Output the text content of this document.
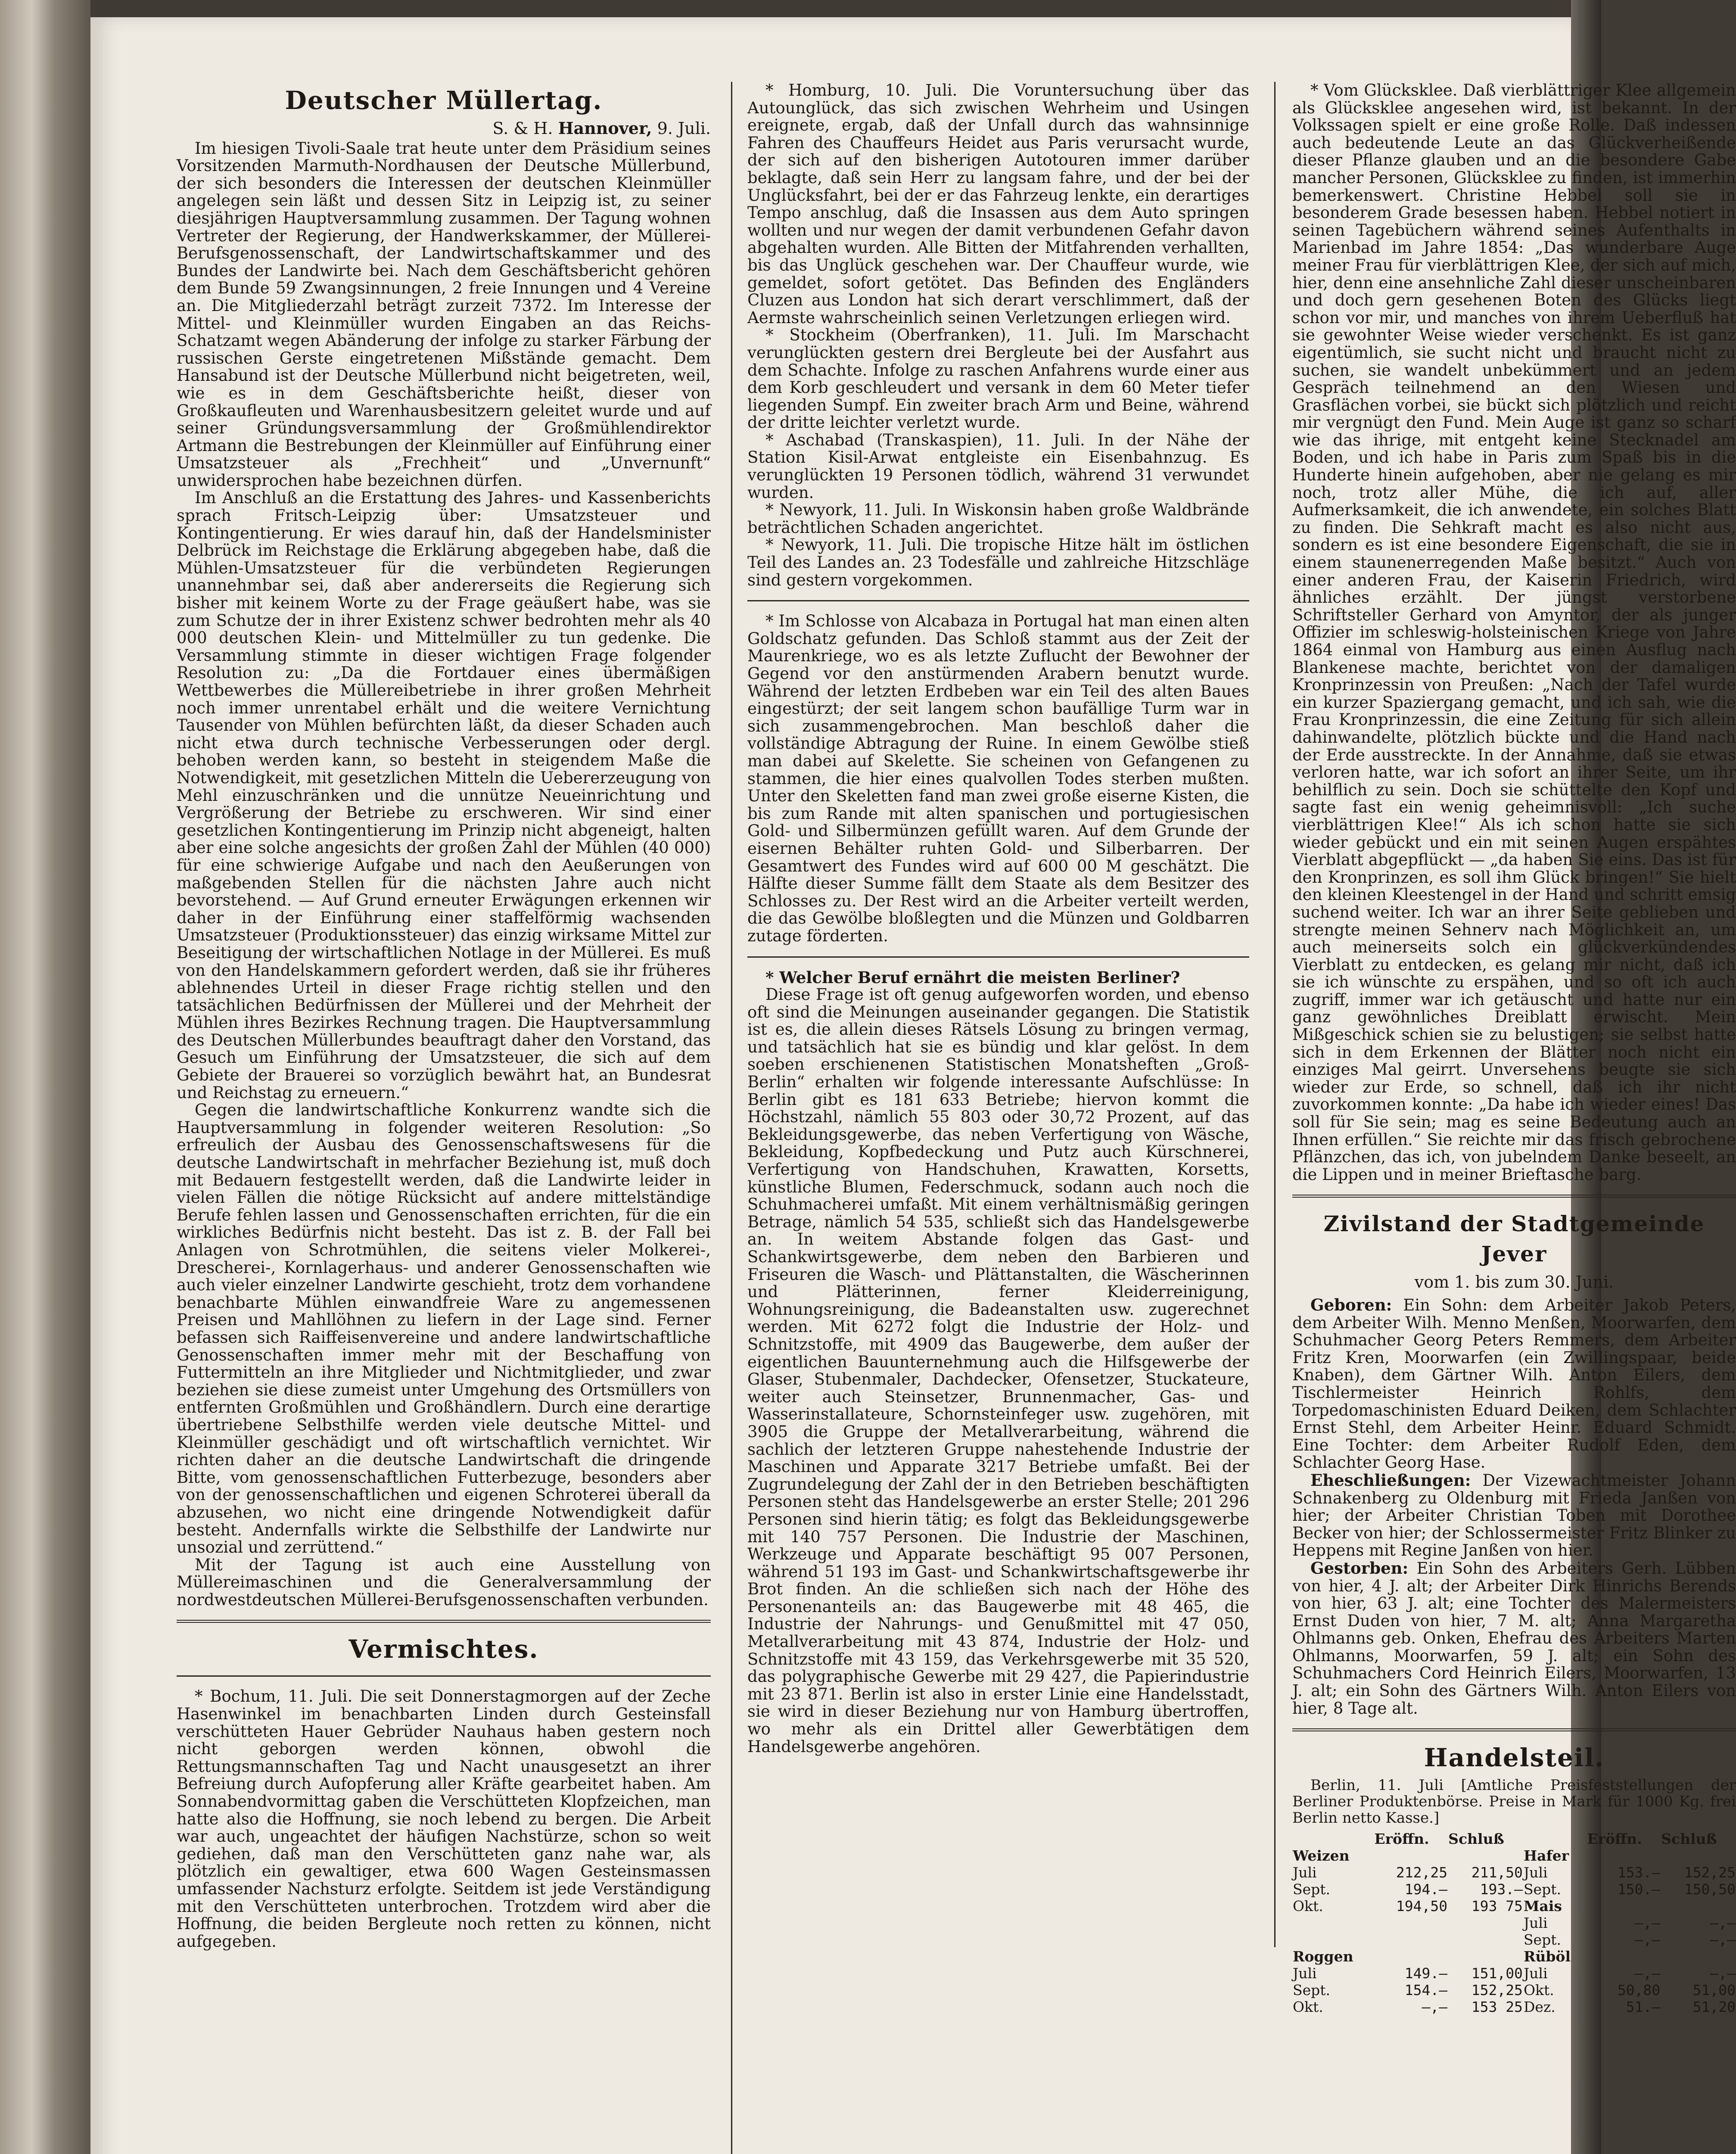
Deutscher Müllertag.
S. & H. Hannover, 9. Juli.

Im hiesigen Tivoli-Saale trat heute unter dem Präsidium seines Vorsitzenden Marmuth-Nordhausen der Deutsche Müllerbund, der sich besonders die Interessen der deutschen Kleinmüller angelegen sein läßt und dessen Sitz in Leipzig ist, zu seiner diesjährigen Hauptversammlung zusammen. Der Tagung wohnen Vertreter der Regierung, der Handwerkskammer, der Müllerei-Berufsgenossenschaft, der Landwirtschaftskammer und des Bundes der Landwirte bei. Nach dem Geschäftsbericht gehören dem Bunde 59 Zwangsinnungen, 2 freie Innungen und 4 Vereine an. Die Mitgliederzahl beträgt zurzeit 7372. Im Interesse der Mittel- und Kleinmüller wurden Eingaben an das Reichs-Schatzamt wegen Abänderung der infolge zu starker Färbung der russischen Gerste eingetretenen Mißstände gemacht. Dem Hansabund ist der Deutsche Müllerbund nicht beigetreten, weil, wie es in dem Geschäftsberichte heißt, dieser von Großkaufleuten und Warenhausbesitzern geleitet wurde und auf seiner Gründungsversammlung der Großmühlendirektor Artmann die Bestrebungen der Kleinmüller auf Einführung einer Umsatzsteuer als „Frechheit“ und „Unvernunft“ unwidersprochen habe bezeichnen dürfen.

Im Anschluß an die Erstattung des Jahres- und Kassenberichts sprach Fritsch-Leipzig über: Umsatzsteuer und Kontingentierung. Er wies darauf hin, daß der Handelsminister Delbrück im Reichstage die Erklärung abgegeben habe, daß die Mühlen-Umsatzsteuer für die verbündeten Regierungen unannehmbar sei, daß aber andererseits die Regierung sich bisher mit keinem Worte zu der Frage geäußert habe, was sie zum Schutze der in ihrer Existenz schwer bedrohten mehr als 40 000 deutschen Klein- und Mittelmüller zu tun gedenke. Die Versammlung stimmte in dieser wichtigen Frage folgender Resolution zu: „Da die Fortdauer eines übermäßigen Wettbewerbes die Müllereibetriebe in ihrer großen Mehrheit noch immer unrentabel erhält und die weitere Vernichtung Tausender von Mühlen befürchten läßt, da dieser Schaden auch nicht etwa durch technische Verbesserungen oder dergl. behoben werden kann, so besteht in steigendem Maße die Notwendigkeit, mit gesetzlichen Mitteln die Uebererzeugung von Mehl einzuschränken und die unnütze Neueinrichtung und Vergrößerung der Betriebe zu erschweren. Wir sind einer gesetzlichen Kontingentierung im Prinzip nicht abgeneigt, halten aber eine solche angesichts der großen Zahl der Mühlen (40 000) für eine schwierige Aufgabe und nach den Aeußerungen von maßgebenden Stellen für die nächsten Jahre auch nicht bevorstehend. — Auf Grund erneuter Erwägungen erkennen wir daher in der Einführung einer staffelförmig wachsenden Umsatzsteuer (Produktionssteuer) das einzig wirksame Mittel zur Beseitigung der wirtschaftlichen Notlage in der Müllerei. Es muß von den Handelskammern gefordert werden, daß sie ihr früheres ablehnendes Urteil in dieser Frage richtig stellen und den tatsächlichen Bedürfnissen der Müllerei und der Mehrheit der Mühlen ihres Bezirkes Rechnung tragen. Die Hauptversammlung des Deutschen Müllerbundes beauftragt daher den Vorstand, das Gesuch um Einführung der Umsatzsteuer, die sich auf dem Gebiete der Brauerei so vorzüglich bewährt hat, an Bundesrat und Reichstag zu erneuern.“

Gegen die landwirtschaftliche Konkurrenz wandte sich die Hauptversammlung in folgender weiteren Resolution: „So erfreulich der Ausbau des Genossenschaftswesens für die deutsche Landwirtschaft in mehrfacher Beziehung ist, muß doch mit Bedauern festgestellt werden, daß die Landwirte leider in vielen Fällen die nötige Rücksicht auf andere mittelständige Berufe fehlen lassen und Genossenschaften errichten, für die ein wirkliches Bedürfnis nicht besteht. Das ist z. B. der Fall bei Anlagen von Schrotmühlen, die seitens vieler Molkerei-, Drescherei-, Kornlagerhaus- und anderer Genossenschaften wie auch vieler einzelner Landwirte geschieht, trotz dem vorhandene benachbarte Mühlen einwandfreie Ware zu angemessenen Preisen und Mahllöhnen zu liefern in der Lage sind. Ferner befassen sich Raiffeisenvereine und andere landwirtschaftliche Genossenschaften immer mehr mit der Beschaffung von Futtermitteln an ihre Mitglieder und Nichtmitglieder, und zwar beziehen sie diese zumeist unter Umgehung des Ortsmüllers von entfernten Großmühlen und Großhändlern. Durch eine derartige übertriebene Selbsthilfe werden viele deutsche Mittel- und Kleinmüller geschädigt und oft wirtschaftlich vernichtet. Wir richten daher an die deutsche Landwirtschaft die dringende Bitte, vom genossenschaftlichen Futterbezuge, besonders aber von der genossenschaftlichen und eigenen Schroterei überall da abzusehen, wo nicht eine dringende Notwendigkeit dafür besteht. Andernfalls wirkte die Selbsthilfe der Landwirte nur unsozial und zerrüttend.“

Mit der Tagung ist auch eine Ausstellung von Müllereimaschinen und die Generalversammlung der nordwestdeutschen Müllerei-Berufsgenossenschaften verbunden.

Vermischtes.

* Bochum, 11. Juli. Die seit Donnerstagmorgen auf der Zeche Hasenwinkel im benachbarten Linden durch Gesteinsfall verschütteten Hauer Gebrüder Nauhaus haben gestern noch nicht geborgen werden können, obwohl die Rettungsmannschaften Tag und Nacht unausgesetzt an ihrer Befreiung durch Aufopferung aller Kräfte gearbeitet haben. Am Sonnabendvormittag gaben die Verschütteten Klopfzeichen, man hatte also die Hoffnung, sie noch lebend zu bergen. Die Arbeit war auch, ungeachtet der häufigen Nachstürze, schon so weit gediehen, daß man den Verschütteten ganz nahe war, als plötzlich ein gewaltiger, etwa 600 Wagen Gesteinsmassen umfassender Nachsturz erfolgte. Seitdem ist jede Verständigung mit den Verschütteten unterbrochen. Trotzdem wird aber die Hoffnung, die beiden Bergleute noch retten zu können, nicht aufgegeben.

* Homburg, 10. Juli. Die Voruntersuchung über das Autounglück, das sich zwischen Wehrheim und Usingen ereignete, ergab, daß der Unfall durch das wahnsinnige Fahren des Chauffeurs Heidet aus Paris verursacht wurde, der sich auf den bisherigen Autotouren immer darüber beklagte, daß sein Herr zu langsam fahre, und der bei der Unglücksfahrt, bei der er das Fahrzeug lenkte, ein derartiges Tempo anschlug, daß die Insassen aus dem Auto springen wollten und nur wegen der damit verbundenen Gefahr davon abgehalten wurden. Alle Bitten der Mitfahrenden verhallten, bis das Unglück geschehen war. Der Chauffeur wurde, wie gemeldet, sofort getötet. Das Befinden des Engländers Cluzen aus London hat sich derart verschlimmert, daß der Aermste wahrscheinlich seinen Verletzungen erliegen wird.

* Stockheim (Oberfranken), 11. Juli. Im Marschacht verunglückten gestern drei Bergleute bei der Ausfahrt aus dem Schachte. Infolge zu raschen Anfahrens wurde einer aus dem Korb geschleudert und versank in dem 60 Meter tiefer liegenden Sumpf. Ein zweiter brach Arm und Beine, während der dritte leichter verletzt wurde.

* Aschabad (Transkaspien), 11. Juli. In der Nähe der Station Kisil-Arwat entgleiste ein Eisenbahnzug. Es verunglückten 19 Personen tödlich, während 31 verwundet wurden.

* Newyork, 11. Juli. In Wiskonsin haben große Waldbrände beträchtlichen Schaden angerichtet.

* Newyork, 11. Juli. Die tropische Hitze hält im östlichen Teil des Landes an. 23 Todesfälle und zahlreiche Hitzschläge sind gestern vorgekommen.

* Im Schlosse von Alcabaza in Portugal hat man einen alten Goldschatz gefunden. Das Schloß stammt aus der Zeit der Maurenkriege, wo es als letzte Zuflucht der Bewohner der Gegend vor den anstürmenden Arabern benutzt wurde. Während der letzten Erdbeben war ein Teil des alten Baues eingestürzt; der seit langem schon baufällige Turm war in sich zusammengebrochen. Man beschloß daher die vollständige Abtragung der Ruine. In einem Gewölbe stieß man dabei auf Skelette. Sie scheinen von Gefangenen zu stammen, die hier eines qualvollen Todes sterben mußten. Unter den Skeletten fand man zwei große eiserne Kisten, die bis zum Rande mit alten spanischen und portugiesischen Gold- und Silbermünzen gefüllt waren. Auf dem Grunde der eisernen Behälter ruhten Gold- und Silberbarren. Der Gesamtwert des Fundes wird auf 600 00 M geschätzt. Die Hälfte dieser Summe fällt dem Staate als dem Besitzer des Schlosses zu. Der Rest wird an die Arbeiter verteilt werden, die das Gewölbe bloßlegten und die Münzen und Goldbarren zutage förderten.

* Welcher Beruf ernährt die meisten Berliner?

Diese Frage ist oft genug aufgeworfen worden, und ebenso oft sind die Meinungen auseinander gegangen. Die Statistik ist es, die allein dieses Rätsels Lösung zu bringen vermag, und tatsächlich hat sie es bündig und klar gelöst. In dem soeben erschienenen Statistischen Monatsheften „Groß-Berlin“ erhalten wir folgende interessante Aufschlüsse: In Berlin gibt es 181 633 Betriebe; hiervon kommt die Höchstzahl, nämlich 55 803 oder 30,72 Prozent, auf das Bekleidungsgewerbe, das neben Verfertigung von Wäsche, Bekleidung, Kopfbedeckung und Putz auch Kürschnerei, Verfertigung von Handschuhen, Krawatten, Korsetts, künstliche Blumen, Federschmuck, sodann auch noch die Schuhmacherei umfaßt. Mit einem verhältnismäßig geringen Betrage, nämlich 54 535, schließt sich das Handelsgewerbe an. In weitem Abstande folgen das Gast- und Schankwirtsgewerbe, dem neben den Barbieren und Friseuren die Wasch- und Plättanstalten, die Wäscherinnen und Plätterinnen, ferner Kleiderreinigung, Wohnungsreinigung, die Badeanstalten usw. zugerechnet werden. Mit 6272 folgt die Industrie der Holz- und Schnitzstoffe, mit 4909 das Baugewerbe, dem außer der eigentlichen Bauunternehmung auch die Hilfsgewerbe der Glaser, Stubenmaler, Dachdecker, Ofensetzer, Stuckateure, weiter auch Steinsetzer, Brunnenmacher, Gas- und Wasserinstallateure, Schornsteinfeger usw. zugehören, mit 3905 die Gruppe der Metallverarbeitung, während die sachlich der letzteren Gruppe nahestehende Industrie der Maschinen und Apparate 3217 Betriebe umfaßt. Bei der Zugrundelegung der Zahl der in den Betrieben beschäftigten Personen steht das Handelsgewerbe an erster Stelle; 201 296 Personen sind hierin tätig; es folgt das Bekleidungsgewerbe mit 140 757 Personen. Die Industrie der Maschinen, Werkzeuge und Apparate beschäftigt 95 007 Personen, während 51 193 im Gast- und Schankwirtschaftsgewerbe ihr Brot finden. An die schließen sich nach der Höhe des Personenanteils an: das Baugewerbe mit 48 465, die Industrie der Nahrungs- und Genußmittel mit 47 050, Metallverarbeitung mit 43 874, Industrie der Holz- und Schnitzstoffe mit 43 159, das Verkehrsgewerbe mit 35 520, das polygraphische Gewerbe mit 29 427, die Papierindustrie mit 23 871. Berlin ist also in erster Linie eine Handelsstadt, sie wird in dieser Beziehung nur von Hamburg übertroffen, wo mehr als ein Drittel aller Gewerbtätigen dem Handelsgewerbe angehören.

* Vom Glücksklee. Daß vierblättriger Klee allgemein als Glücksklee angesehen wird, ist bekannt. In der Volkssagen spielt er eine große Rolle. Daß indessen auch bedeutende Leute an das Glückverheißende dieser Pflanze glauben und an die besondere Gabe mancher Personen, Glücksklee zu finden, ist immerhin bemerkenswert. Christine Hebbel soll sie in besonderem Grade besessen haben. Hebbel notiert in seinen Tagebüchern während seines Aufenthalts in Marienbad im Jahre 1854: „Das wunderbare Auge meiner Frau für vierblättrigen Klee, der sich auf mich, hier, denn eine ansehnliche Zahl dieser unscheinbaren und doch gern gesehenen Boten des Glücks liegt schon vor mir, und manches von ihrem Ueberfluß hat sie gewohnter Weise wieder verschenkt. Es ist ganz eigentümlich, sie sucht nicht und braucht nicht zu suchen, sie wandelt unbekümmert und an jedem Gespräch teilnehmend an den Wiesen und Grasflächen vorbei, sie bückt sich plötzlich und reicht mir vergnügt den Fund. Mein Auge ist ganz so scharf wie das ihrige, mit entgeht keine Stecknadel am Boden, und ich habe in Paris zum Spaß bis in die Hunderte hinein aufgehoben, aber nie gelang es mir noch, trotz aller Mühe, die ich auf, aller Aufmerksamkeit, die ich anwendete, ein solches Blatt zu finden. Die Sehkraft macht es also nicht aus, sondern es ist eine besondere Eigenschaft, die sie in einem staunenerregenden Maße besitzt.“ Auch von einer anderen Frau, der Kaiserin Friedrich, wird ähnliches erzählt. Der jüngst verstorbene Schriftsteller Gerhard von Amyntor, der als junger Offizier im schleswig-holsteinischen Kriege von Jahre 1864 einmal von Hamburg aus einen Ausflug nach Blankenese machte, berichtet von der damaligen Kronprinzessin von Preußen: „Nach der Tafel wurde ein kurzer Spaziergang gemacht, und ich sah, wie die Frau Kronprinzessin, die eine Zeitung für sich allein dahinwandelte, plötzlich bückte und die Hand nach der Erde ausstreckte. In der Annahme, daß sie etwas verloren hatte, war ich sofort an ihrer Seite, um ihr behilflich zu sein. Doch sie schüttelte den Kopf und sagte fast ein wenig geheimnisvoll: „Ich suche vierblättrigen Klee!“ Als ich schon hatte sie sich wieder gebückt und ein mit seinen Augen erspähtes Vierblatt abgepflückt — „da haben Sie eins. Das ist für den Kronprinzen, es soll ihm Glück bringen!“ Sie hielt den kleinen Kleestengel in der Hand und schritt emsig suchend weiter. Ich war an ihrer Seite geblieben und strengte meinen Sehnerv nach Möglichkeit an, um auch meinerseits solch ein glückverkündendes Vierblatt zu entdecken, es gelang mir nicht, daß ich sie ich wünschte zu erspähen, und so oft ich auch zugriff, immer war ich getäuscht und hatte nur ein ganz gewöhnliches Dreiblatt erwischt. Mein Mißgeschick schien sie zu belustigen; sie selbst hatte sich in dem Erkennen der Blätter noch nicht ein einziges Mal geirrt. Unversehens beugte sie sich wieder zur Erde, so schnell, daß ich ihr nicht zuvorkommen konnte: „Da habe ich wieder eines! Das soll für Sie sein; mag es seine Bedeutung auch an Ihnen erfüllen.“ Sie reichte mir das frisch gebrochene Pflänzchen, das ich, von jubelndem Danke beseelt, an die Lippen und in meiner Brieftasche barg.

Zivilstand der Stadtgemeinde Jever
vom 1. bis zum 30. Juni.

Geboren: Ein Sohn: dem Arbeiter Jakob Peters, dem Arbeiter Wilh. Menno Menßen, Moorwarfen, dem Schuhmacher Georg Peters Remmers, dem Arbeiter Fritz Kren, Moorwarfen (ein Zwillingspaar, beide Knaben), dem Gärtner Wilh. Anton Eilers, dem Tischlermeister Heinrich Rohlfs, dem Torpedomaschinisten Eduard Deiken, dem Schlachter Ernst Stehl, dem Arbeiter Heinr. Eduard Schmidt. Eine Tochter: dem Arbeiter Rudolf Eden, dem Schlachter Georg Hase.

Eheschließungen: Der Vizewachtmeister Johann Schnakenberg zu Oldenburg mit Frieda Janßen von hier; der Arbeiter Christian Toben mit Dorothee Becker von hier; der Schlossermeister Fritz Blinker zu Heppens mit Regine Janßen von hier.

Gestorben: Ein Sohn des Arbeiters Gerh. Lübben von hier, 4 J. alt; der Arbeiter Dirk Hinrichs Berends von hier, 63 J. alt; eine Tochter des Malermeisters Ernst Duden von hier, 7 M. alt; Anna Margaretha Ohlmanns geb. Onken, Ehefrau des Arbeiters Marten Ohlmanns, Moorwarfen, 59 J. alt; ein Sohn des Schuhmachers Cord Heinrich Eilers, Moorwarfen, 13 J. alt; ein Sohn des Gärtners Wilh. Anton Eilers von hier, 8 Tage alt.

Handelsteil.

Berlin, 11. Juli [Amtliche Preisfeststellungen der Berliner Produktenbörse. Preise in Mark für 1000 Kg. frei Berlin netto Kasse.]

	Eröffn.	Schluß		Eröffn.	Schluß
Weizen			Hafer		
Juli	212,25	211,50	Juli	153.—	152,25
Sept.	194.—	193.—	Sept.	150.—	150,50
Okt.	194,50	193 75	Mais		
			Juli	—,—	—,—
			Sept.	—,—	—,—
Roggen			Rüböl		
Juli	149.—	151,00	Juli	—,—	—,—
Sept.	154.—	152,25	Okt.	50,80	51,00
Okt.	—,—	153 25	Dez.	51.—	51,20
